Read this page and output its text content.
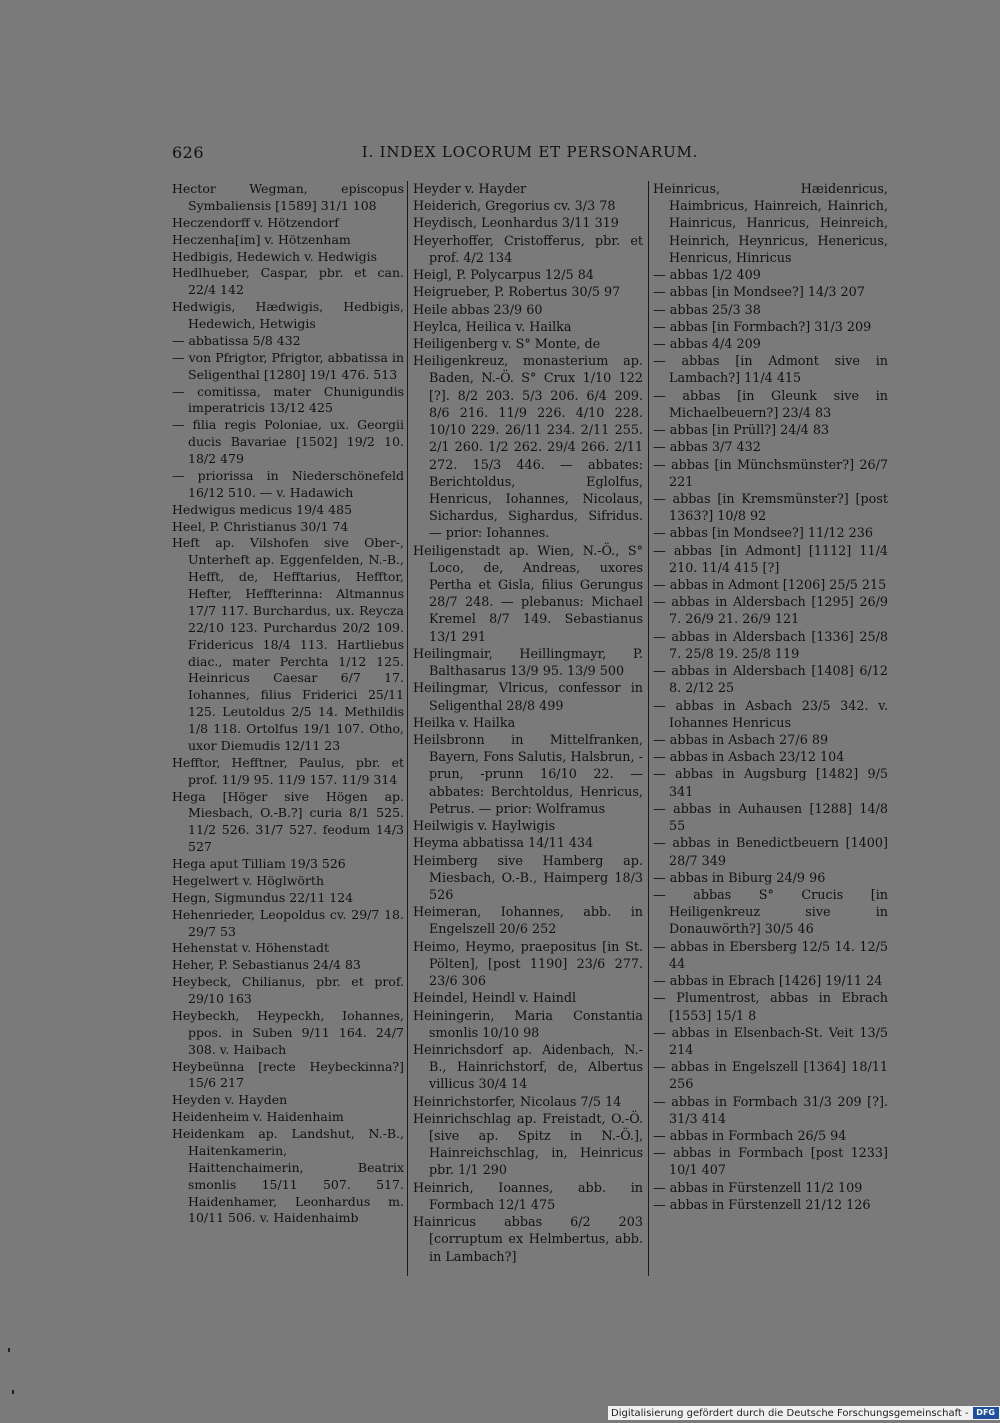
626	I. INDEX LOCORUM ET PERSONARUM.
Hector Wegman, episcopus Symbaliensis [1589] 31/1 108
Heczendorff v. Hötzendorf
Heczenha[im] v. Hötzenham
Hedbigis, Hedewich v. Hedwigis
Hedlhueber, Caspar, pbr. et can. 22/4 142
Hedwigis, Hædwigis, Hedbigis, Hedewich, Hetwigis
— abbatissa 5/8 432
— von Pfrigtor, Pfrigtor, abbatissa in Seligenthal [1280] 19/1 476. 513
— comitissa, mater Chunigundis imperatricis 13/12 425
— filia regis Poloniae, ux. Georgii ducis Bavariae [1502] 19/2 10. 18/2 479
— priorissa in Niederschönefeld 16/12 510. — v. Hadawich
Hedwigus medicus 19/4 485
Heel, P. Christianus 30/1 74
Heft ap. Vilshofen sive Ober-, Unterheft ap. Eggenfelden, N.-B., Hefft, de, Hefftarius, Hefftor, Hefter, Heffterinna: Altmannus 17/7 117. Burchardus, ux. Reycza 22/10 123. Purchardus 20/2 109. Fridericus 18/4 113. Hartliebus diac., mater Perchta 1/12 125. Heinricus Caesar 6/7 17. Iohannes, filius Friderici 25/11 125. Leutoldus 2/5 14. Methildis 1/8 118. Ortolfus 19/1 107. Otho, uxor Diemudis 12/11 23
Hefftor, Hefftner, Paulus, pbr. et prof. 11/9 95. 11/9 157. 11/9 314
Hega [Höger sive Högen ap. Miesbach, O.-B.?] curia 8/1 525. 11/2 526. 31/7 527. feodum 14/3 527
Hega aput Tilliam 19/3 526
Hegelwert v. Höglwörth
Hegn, Sigmundus 22/11 124
Hehenrieder, Leopoldus cv. 29/7 18. 29/7 53
Hehenstat v. Höhenstadt
Heher, P. Sebastianus 24/4 83
Heybeck, Chilianus, pbr. et prof. 29/10 163
Heybeckh, Heypeckh, Iohannes, ppos. in Suben 9/11 164. 24/7 308. v. Haibach
Heybeünna [recte Heybeckinna?] 15/6 217
Heyden v. Hayden
Heidenheim v. Haidenhaim
Heidenkam ap. Landshut, N.-B., Haitenkamerin, Haittenchaimerin, Beatrix smonlis 15/11 507. 517. Haidenhamer, Leonhardus m. 10/11 506. v. Haidenhaimb
Heyder v. Hayder
Heiderich, Gregorius cv. 3/3 78
Heydisch, Leonhardus 3/11 319
Heyerhoffer, Cristofferus, pbr. et prof. 4/2 134
Heigl, P. Polycarpus 12/5 84
Heigrueber, P. Robertus 30/5 97
Heile abbas 23/9 60
Heylca, Heilica v. Hailka
Heiligenberg v. S° Monte, de
Heiligenkreuz, monasterium ap. Baden, N.-Ö. S° Crux 1/10 122 [?]. 8/2 203. 5/3 206. 6/4 209. 8/6 216. 11/9 226. 4/10 228. 10/10 229. 26/11 234. 2/11 255. 2/1 260. 1/2 262. 29/4 266. 2/11 272. 15/3 446. — abbates: Berichtoldus, Eglolfus, Henricus, Iohannes, Nicolaus, Sichardus, Sighardus, Sifridus. — prior: Iohannes.
Heiligenstadt ap. Wien, N.-Ö., S° Loco, de, Andreas, uxores Pertha et Gisla, filius Gerungus 28/7 248. — plebanus: Michael Kremel 8/7 149. Sebastianus 13/1 291
Heilingmair, Heillingmayr, P. Balthasarus 13/9 95. 13/9 500
Heilingmar, Vlricus, confessor in Seligenthal 28/8 499
Heilka v. Hailka
Heilsbronn in Mittelfranken, Bayern, Fons Salutis, Halsbrun, -prun, -prunn 16/10 22. — abbates: Berchtoldus, Henricus, Petrus. — prior: Wolframus
Heilwigis v. Haylwigis
Heyma abbatissa 14/11 434
Heimberg sive Hamberg ap. Miesbach, O.-B., Haimperg 18/3 526
Heimeran, Iohannes, abb. in Engelszell 20/6 252
Heimo, Heymo, praepositus [in St. Pölten], [post 1190] 23/6 277. 23/6 306
Heindel, Heindl v. Haindl
Heiningerin, Maria Constantia smonlis 10/10 98
Heinrichsdorf ap. Aidenbach, N.-B., Hainrichstorf, de, Albertus villicus 30/4 14
Heinrichstorfer, Nicolaus 7/5 14
Heinrichschlag ap. Freistadt, O.-Ö. [sive ap. Spitz in N.-Ö.], Hainreichschlag, in, Heinricus pbr. 1/1 290
Heinrich, Ioannes, abb. in Formbach 12/1 475
Hainricus abbas 6/2 203 [corruptum ex Helmbertus, abb. in Lambach?]
Heinricus, Hæidenricus, Haimbricus, Hainreich, Hainrich, Hainricus, Hanricus, Heinreich, Heinrich, Heynricus, Henericus, Henricus, Hinricus
— abbas 1/2 409
— abbas [in Mondsee?] 14/3 207
— abbas 25/3 38
— abbas [in Formbach?] 31/3 209
— abbas 4/4 209
— abbas [in Admont sive in Lambach?] 11/4 415
— abbas [in Gleunk sive in Michaelbeuern?] 23/4 83
— abbas [in Prüll?] 24/4 83
— abbas 3/7 432
— abbas [in Münchsmünster?] 26/7 221
— abbas [in Kremsmünster?] [post 1363?] 10/8 92
— abbas [in Mondsee?] 11/12 236
— abbas [in Admont] [1112] 11/4 210. 11/4 415 [?]
— abbas in Admont [1206] 25/5 215
— abbas in Aldersbach [1295] 26/9 7. 26/9 21. 26/9 121
— abbas in Aldersbach [1336] 25/8 7. 25/8 19. 25/8 119
— abbas in Aldersbach [1408] 6/12 8. 2/12 25
— abbas in Asbach 23/5 342. v. Iohannes Henricus
— abbas in Asbach 27/6 89
— abbas in Asbach 23/12 104
— abbas in Augsburg [1482] 9/5 341
— abbas in Auhausen [1288] 14/8 55
— abbas in Benedictbeuern [1400] 28/7 349
— abbas in Biburg 24/9 96
— abbas S° Crucis [in Heiligenkreuz sive in Donauwörth?] 30/5 46
— abbas in Ebersberg 12/5 14. 12/5 44
— abbas in Ebrach [1426] 19/11 24
— Plumentrost, abbas in Ebrach [1553] 15/1 8
— abbas in Elsenbach-St. Veit 13/5 214
— abbas in Engelszell [1364] 18/11 256
— abbas in Formbach 31/3 209 [?]. 31/3 414
— abbas in Formbach 26/5 94
— abbas in Formbach [post 1233] 10/1 407
— abbas in Fürstenzell 11/2 109
— abbas in Fürstenzell 21/12 126
Digitalisierung gefördert durch die Deutsche Forschungsgemeinschaft - DFG
